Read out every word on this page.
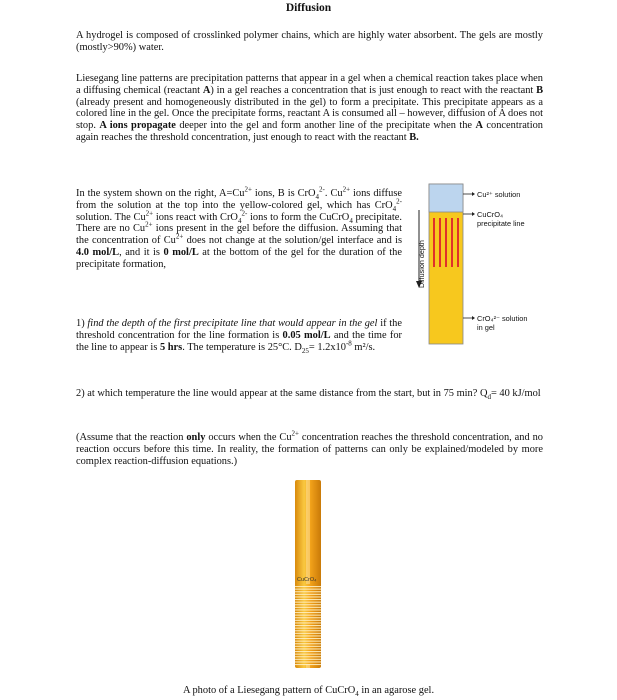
Diffusion
A hydrogel is composed of crosslinked polymer chains, which are highly water absorbent. The gels are mostly (mostly>90%) water.
Liesegang line patterns are precipitation patterns that appear in a gel when a chemical reaction takes place when a diffusing chemical (reactant A) in a gel reaches a concentration that is just enough to react with the reactant B (already present and homogeneously distributed in the gel) to form a precipitate. This precipitate appears as a colored line in the gel. Once the precipitate forms, reactant A is consumed all – however, diffusion of A does not stop. A ions propagate deeper into the gel and form another line of the precipitate when the A concentration again reaches the threshold concentration, just enough to react with the reactant B.
In the system shown on the right, $A=Cu^{2+}$ ions, B is CrO$_4^{2-}$. $Cu^{2+}$ ions diffuse from the solution at the top into the yellow-colored gel, which has CrO$_4^{2-}$ solution. The $Cu^{2+}$ ions react with CrO$_4^{2-}$ ions to form the CuCrO$_4$ precipitate. There are no $Cu^{2+}$ ions present in the gel before the diffusion. Assuming that the concentration of $Cu^{2+}$ does not change at the solution/gel interface and is 4.0 mol/L, and it is 0 mol/L at the bottom of the gel for the duration of the precipitate formation,
1) find the depth of the first precipitate line that would appear in the gel if the threshold concentration for the line formation is 0.05 mol/L and the time for the line to appear is 5 hrs. The temperature is 25°C. $D_{25}= 1.2x10^{-8}$ m²/s.
2) at which temperature the line would appear at the same distance from the start, but in 75 min? $Q_d= 40$ kJ/mol
(Assume that the reaction only occurs when the $Cu^{2+}$ concentration reaches the threshold concentration, and no reaction occurs before this time. In reality, the formation of patterns can only be explained/modeled by more complex reaction-diffusion equations.)
Diffusion depth
Cu²⁺ solution
CuCrO₄
precipitate line
CrO₄²⁻ solution
in gel
CuCrO₄
A photo of a Liesegang pattern of CuCrO$_4$ in an agarose gel.
